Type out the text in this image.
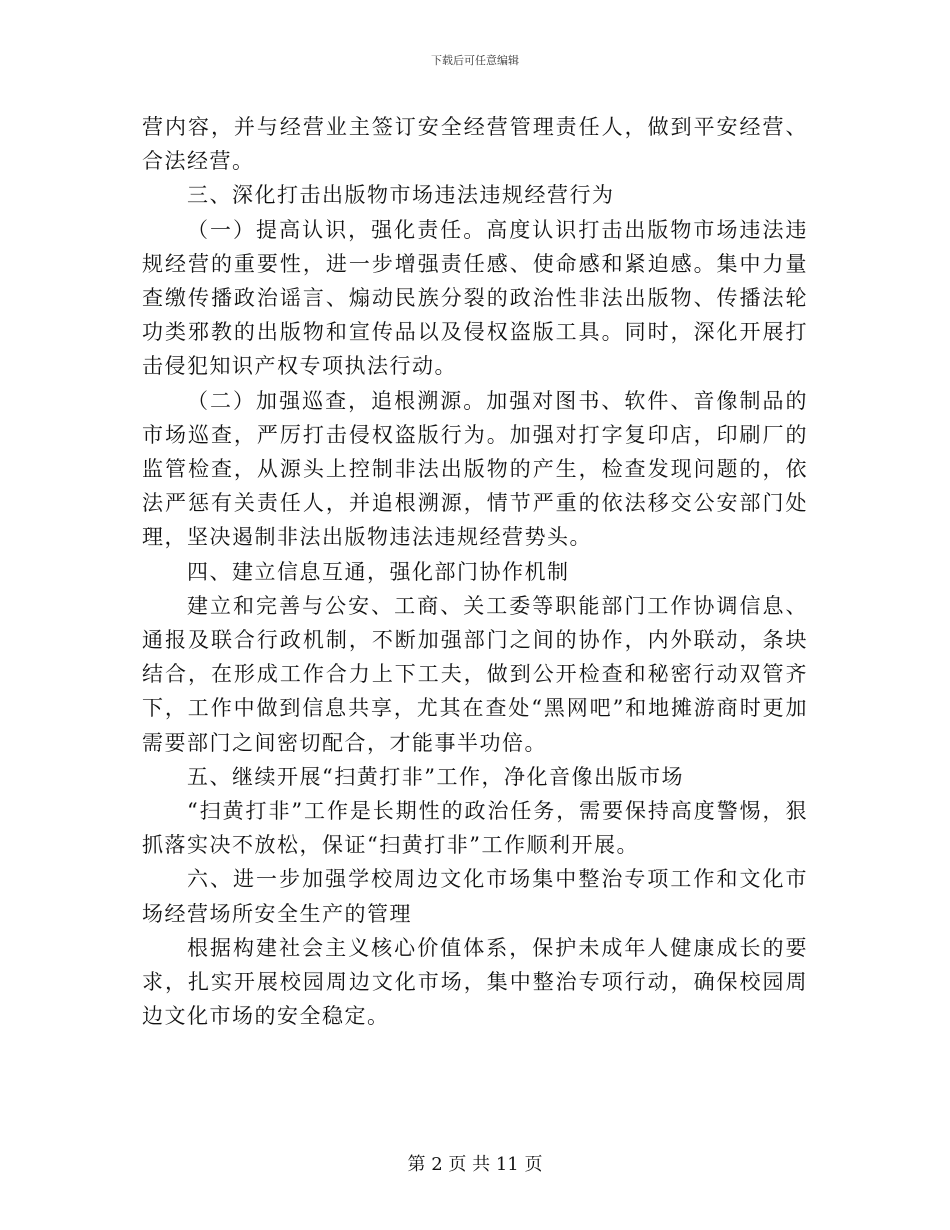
下载后可任意编辑

营内容，并与经营业主签订安全经营管理责任人，做到平安经营、合法经营。

三、深化打击出版物市场违法违规经营行为

（一）提高认识，强化责任。高度认识打击出版物市场违法违规经营的重要性，进一步增强责任感、使命感和紧迫感。集中力量查缴传播政治谣言、煽动民族分裂的政治性非法出版物、传播法轮功类邪教的出版物和宣传品以及侵权盗版工具。同时，深化开展打击侵犯知识产权专项执法行动。

（二）加强巡查，追根溯源。加强对图书、软件、音像制品的市场巡查，严厉打击侵权盗版行为。加强对打字复印店，印刷厂的监管检查，从源头上控制非法出版物的产生，检查发现问题的，依法严惩有关责任人，并追根溯源，情节严重的依法移交公安部门处理，坚决遏制非法出版物违法违规经营势头。

四、建立信息互通，强化部门协作机制

建立和完善与公安、工商、关工委等职能部门工作协调信息、通报及联合行政机制，不断加强部门之间的协作，内外联动，条块结合，在形成工作合力上下工夫，做到公开检查和秘密行动双管齐下，工作中做到信息共享，尤其在查处“黑网吧”和地摊游商时更加需要部门之间密切配合，才能事半功倍。

五、继续开展“扫黄打非”工作，净化音像出版市场

“扫黄打非”工作是长期性的政治任务，需要保持高度警惕，狠抓落实决不放松，保证“扫黄打非”工作顺利开展。

六、进一步加强学校周边文化市场集中整治专项工作和文化市场经营场所安全生产的管理

根据构建社会主义核心价值体系，保护未成年人健康成长的要求，扎实开展校园周边文化市场，集中整治专项行动，确保校园周边文化市场的安全稳定。

第 2 页 共 11 页
